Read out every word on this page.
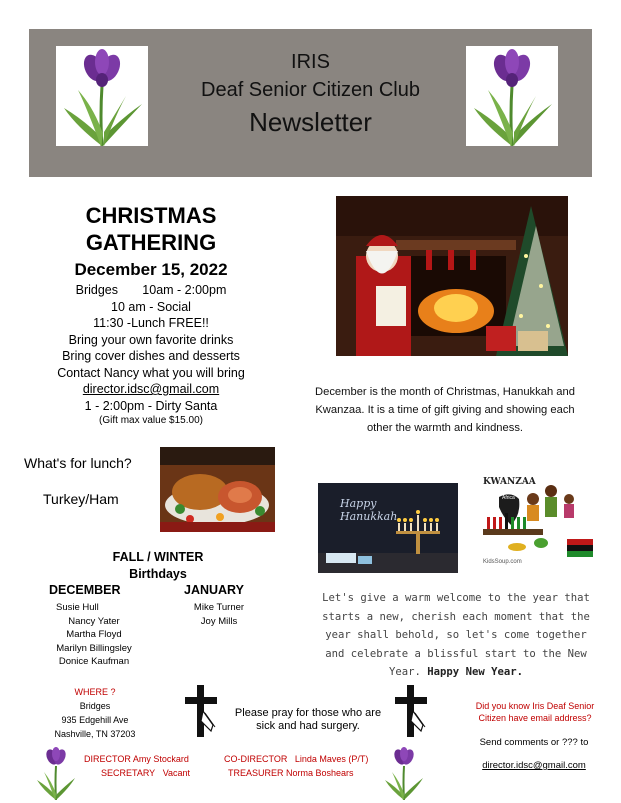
IRIS
Deaf Senior Citizen Club
Newsletter
CHRISTMAS
GATHERING
December 15, 2022
Bridges       10am - 2:00pm
10 am - Social
11:30 -Lunch FREE!!
Bring your own favorite drinks
Bring cover dishes and desserts
Contact Nancy what you will bring
director.idsc@gmail.com
1 - 2:00pm - Dirty Santa
(Gift max value $15.00)
December is the month of Christmas, Hanukkah and Kwanzaa. It is a time of gift giving and showing each other the warmth and kindness.
What's for lunch?
Turkey/Ham	Happy Hanukkah
KWANZAA
Africa
KidsSoup.com
FALL / WINTER
Birthdays
DECEMBER
Susie Hull
Nancy Yater
Martha Floyd
Marilyn Billingsley
Donice Kaufman
JANUARY
Mike Turner
Joy Mills
Let's give a warm welcome to the year that starts a new, cherish each moment that the year shall behold, so let's come together and celebrate a blissful start to the New Year. Happy New Year.
WHERE ?
Bridges
935 Edgehill Ave
Nashville, TN 37203
Please pray for those who are sick and had surgery.
Did you know Iris Deaf Senior Citizen have email address?
Send comments or ??? to
director.idsc@gmail.com
DIRECTOR Amy Stockard
SECRETARY Vacant
CO-DIRECTOR Linda Maves (P/T)
TREASURER Norma Boshears
